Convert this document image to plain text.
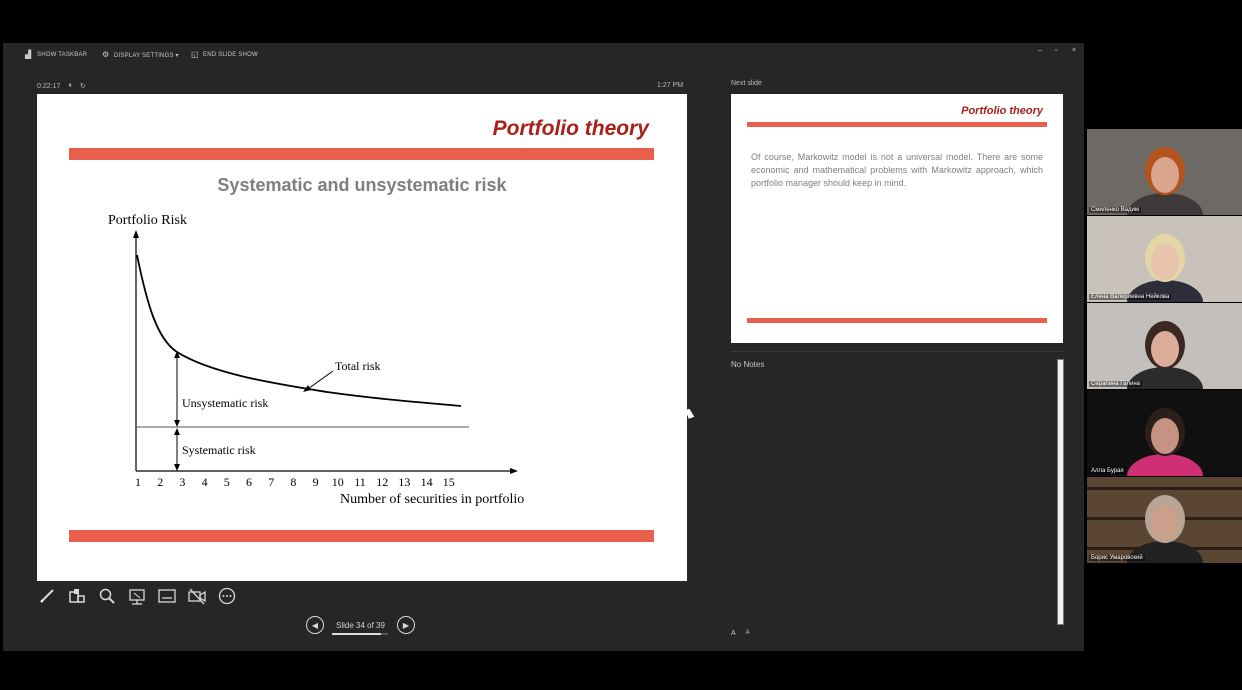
▟ SHOW TASKBAR ⚙ DISPLAY SETTINGS ▾ ◱ END SLIDE SHOW
– ▫ ×
0:22:17 ⏸ ↻	1:27 PM
Portfolio theory
Systematic and unsystematic risk
Portfolio Risk
Total risk
Unsystematic risk
Systematic risk
1 2 3 4 5 6 7 8 9 10 11 12 13 14 15
Number of securities in portfolio
Next slide
Portfolio theory
Of course, Markowitz model is not a universal model. There are some economic and mathematical problems with Markowitz approach, which portfolio manager should keep in mind.
No Notes
A A
◀	Slide 34 of 39	▶
Смиленко Вадим
Елена Валериевна Нейкова
Серапина Галина
Алла Бурая
Борис Умаровский
